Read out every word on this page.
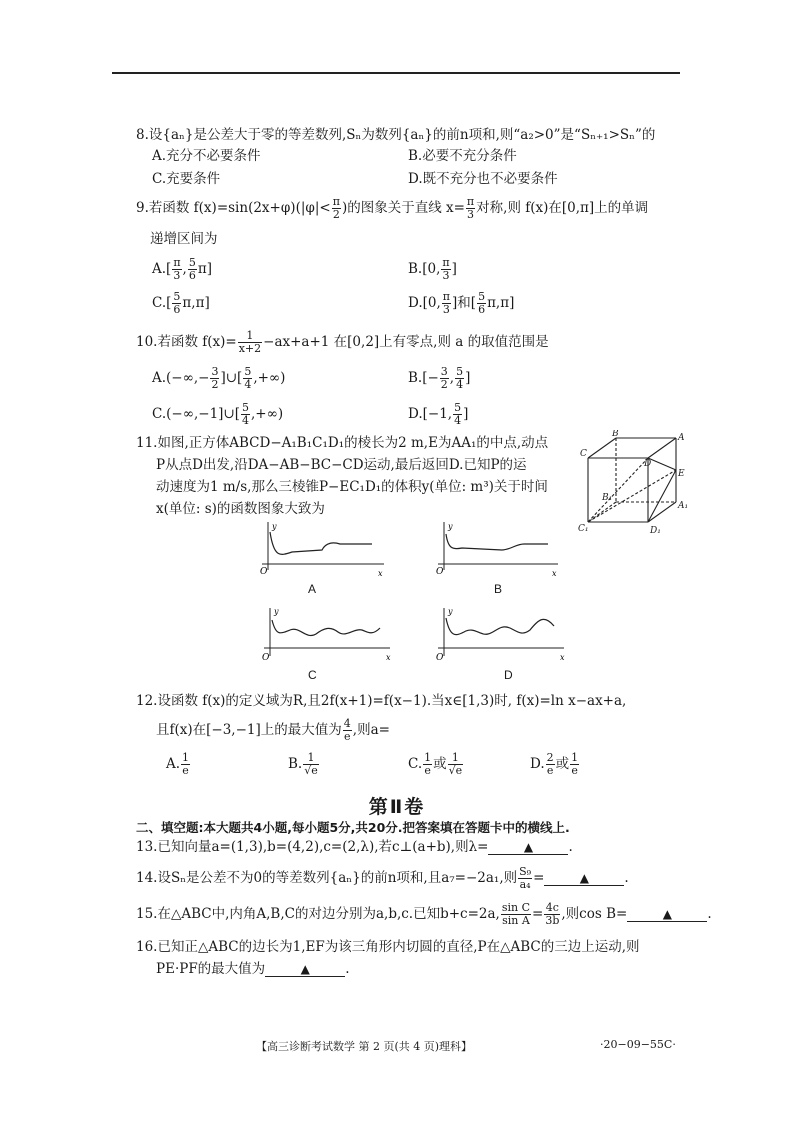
8.设{aₙ}是公差大于零的等差数列,Sₙ为数列{aₙ}的前n项和,则“a₂>0”是“Sₙ₊₁>Sₙ”的
A.充分不必要条件	B.必要不充分条件
C.充要条件	D.既不充分也不必要条件
9.若函数 $f(x)=\sin(2x+\varphi)(|\varphi|< \frac{\pi}{2}$ )的图象关于直线 $x= \frac{\pi}{3}$ 对称,则 f(x)在[0,π]上的单调
递增区间为
$A.[ \frac{\pi}{3}$ , $\frac{5}{6} \pi$]	B.[0, $\frac{\pi}{3}$ ]
$C.[ \frac{5}{6} \pi,\pi]$	D.[0, $\frac{\pi}{3}$ ]和[ $\frac{5}{6} \pi,\pi$]
10.若函数 $f(x)= \frac{1}{x+2} -ax+a+1$ 在[0,2]上有零点,则 a 的取值范围是
$A.(-\infty,- \frac{3}{2}$ ]∪[ $\frac{5}{4}$ ,+∞)	$B.[- \frac{3}{2}$ , $\frac{5}{4}$ ]
C.(−∞,−1]∪[ $\frac{5}{4}$ ,+∞)	D.[−1, $\frac{5}{4}$ ]
11.如图,正方体ABCD−A₁B₁C₁D₁的棱长为2 m,E为AA₁的中点,动点
P从点D出发,沿DA−AB−BC−CD运动,最后返回D.已知P的运
动速度为1 m/s,那么三棱锥P−EC₁D₁的体积y(单位: m³)关于时间
x(单位: s)的函数图象大致为
B
C
D
A
E
B₁
A₁
C₁	D₁
y
O	x
A
y
O	x
B
y
O	x
C
y
O	x
D
12.设函数 f(x)的定义域为R,且2f(x+1)=f(x−1).当x∈[1,3)时, f(x)=ln x−ax+a,
且f(x)在[−3,−1]上的最大值为 $\frac{4}{e}$ ,则a=
A. $\frac{1}{e}$	B. $\frac{1}{√e}$	C. $\frac{1}{e}$ 或 $\frac{1}{√e}$	D. $\frac{2}{e}$ 或 $\frac{1}{e}$
第Ⅱ卷
二、填空题:本大题共4小题,每小题5分,共20分.把答案填在答题卡中的横线上.
13.已知向量a=(1,3),b=(4,2),c=(2,λ),若c⊥(a+b),则λ=	▲	.
14.设Sₙ是公差不为0的等差数列{aₙ}的前n项和,且a₇=−2a₁,则 $\frac{\text{S₉}}{\text{a₄}}$ =	▲	.
15.在△ABC中,内角A,B,C的对边分别为a,b,c.已知b+c=2a, $\frac{\text{sin C}}{\text{sin A}} = \frac{4c}{3b}$ ,则cos B=	▲	.
16.已知正△ABC的边长为1,EF为该三角形内切圆的直径,P在△ABC的三边上运动,则
PE·PF的最大值为	▲	.
【高三诊断考试数学 第 2 页(共 4 页)理科】	·20−09−55C·
